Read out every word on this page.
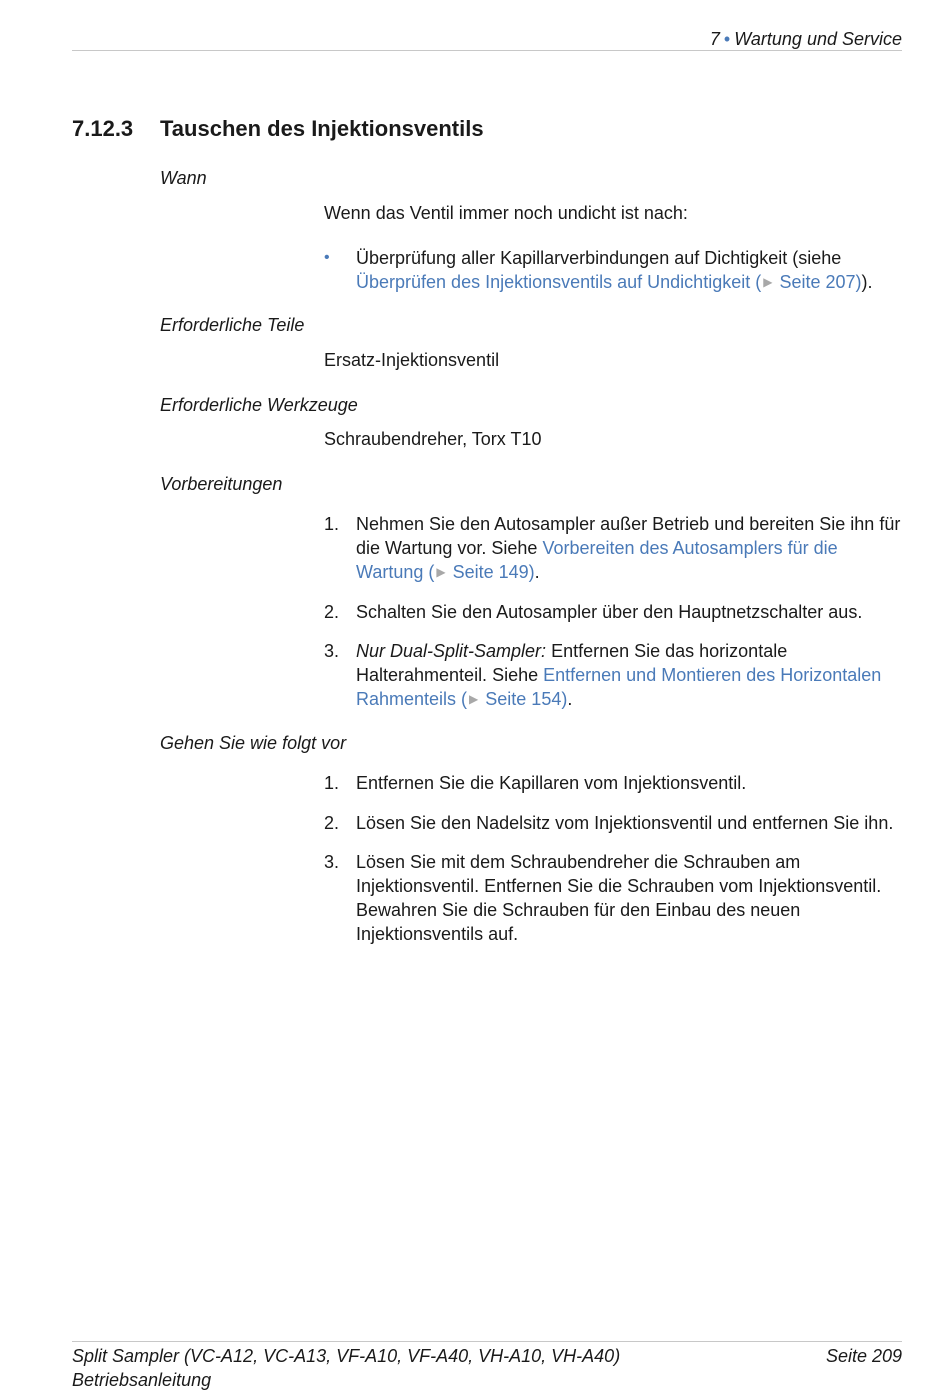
7 • Wartung und Service
7.12.3 Tauschen des Injektionsventils
Wann
Wenn das Ventil immer noch undicht ist nach:
•	Überprüfung aller Kapillarverbindungen auf Dichtigkeit (siehe Überprüfen des Injektionsventils auf Undichtigkeit ( ▶ Seite 207)).
Erforderliche Teile
Ersatz-Injektionsventil
Erforderliche Werkzeuge
Schraubendreher, Torx T10
Vorbereitungen
1. Nehmen Sie den Autosampler außer Betrieb und bereiten Sie ihn für die Wartung vor. Siehe Vorbereiten des Autosamplers für die Wartung ( ▶ Seite 149).
2. Schalten Sie den Autosampler über den Hauptnetzschalter aus.
3. Nur Dual-Split-Sampler: Entfernen Sie das horizontale Halterahmenteil. Siehe Entfernen und Montieren des Horizontalen Rahmenteils ( ▶ Seite 154).
Gehen Sie wie folgt vor
1. Entfernen Sie die Kapillaren vom Injektionsventil.
2. Lösen Sie den Nadelsitz vom Injektionsventil und entfernen Sie ihn.
3. Lösen Sie mit dem Schraubendreher die Schrauben am Injektionsventil. Entfernen Sie die Schrauben vom Injektionsventil. Bewahren Sie die Schrauben für den Einbau des neuen Injektionsventils auf.
Split Sampler (VC-A12, VC-A13, VF-A10, VF-A40, VH-A10, VH-A40)
Betriebsanleitung
Seite 209
